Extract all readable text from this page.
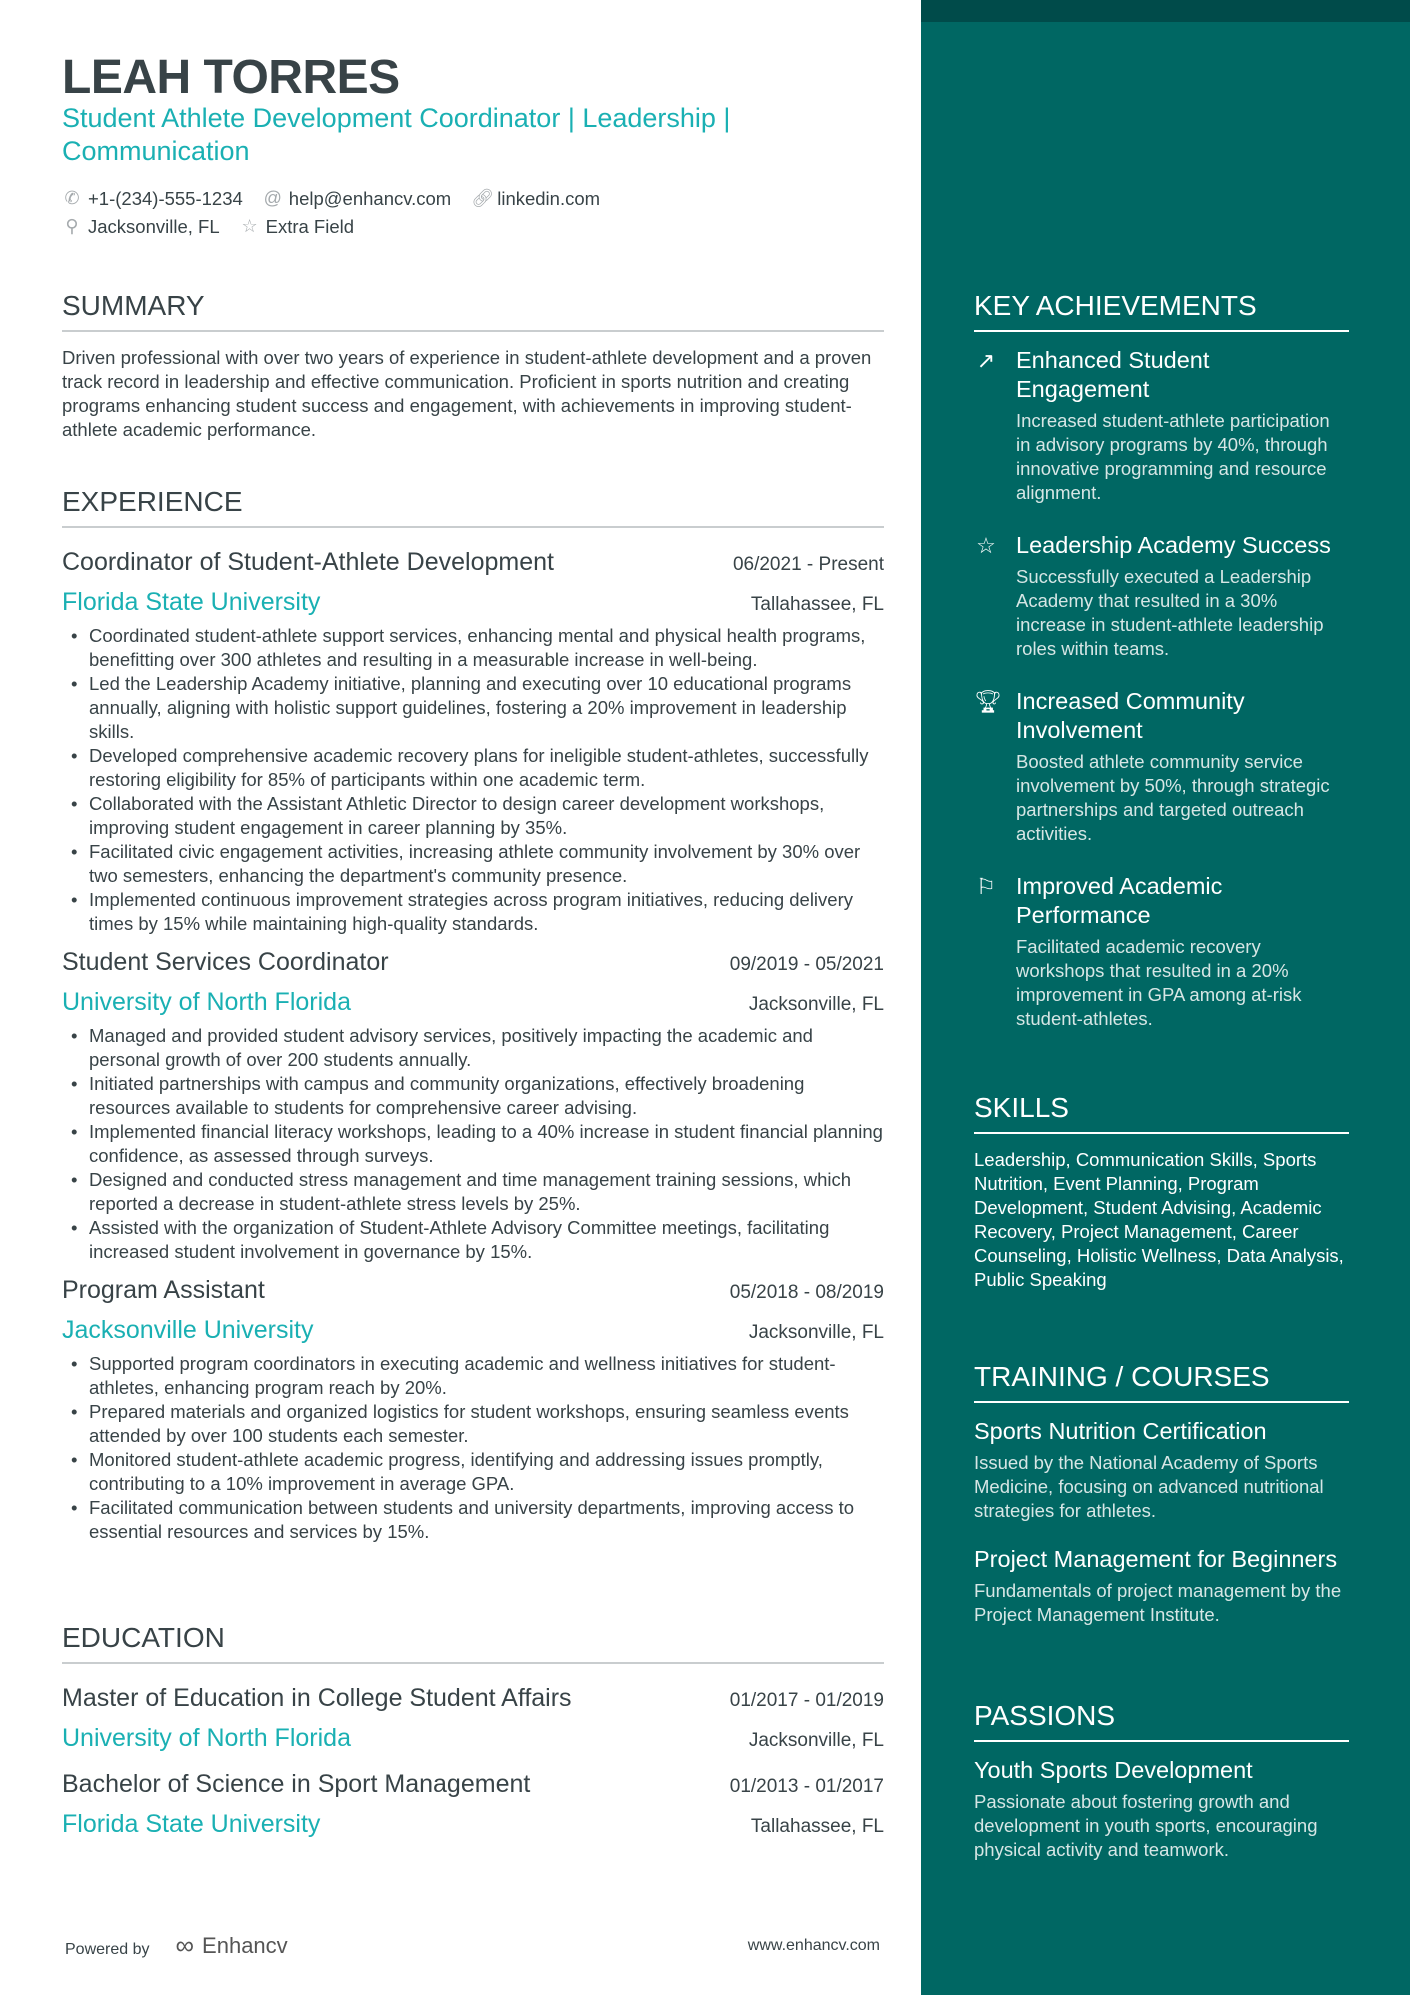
LEAH TORRES
Student Athlete Development Coordinator | Leadership | Communication
✆ +1-(234)-555-1234 @ help@enhancv.com 🔗︎ linkedin.com
⚲ Jacksonville, FL ☆ Extra Field
SUMMARY
Driven professional with over two years of experience in student-athlete development and a proven track record in leadership and effective communication. Proficient in sports nutrition and creating programs enhancing student success and engagement, with achievements in improving student-athlete academic performance.
EXPERIENCE
Coordinator of Student-Athlete Development	06/2021 - Present
Florida State University	Tallahassee, FL
• Coordinated student-athlete support services, enhancing mental and physical health programs, benefitting over 300 athletes and resulting in a measurable increase in well-being.
• Led the Leadership Academy initiative, planning and executing over 10 educational programs annually, aligning with holistic support guidelines, fostering a 20% improvement in leadership skills.
• Developed comprehensive academic recovery plans for ineligible student-athletes, successfully restoring eligibility for 85% of participants within one academic term.
• Collaborated with the Assistant Athletic Director to design career development workshops, improving student engagement in career planning by 35%.
• Facilitated civic engagement activities, increasing athlete community involvement by 30% over two semesters, enhancing the department's community presence.
• Implemented continuous improvement strategies across program initiatives, reducing delivery times by 15% while maintaining high-quality standards.
Student Services Coordinator	09/2019 - 05/2021
University of North Florida	Jacksonville, FL
• Managed and provided student advisory services, positively impacting the academic and personal growth of over 200 students annually.
• Initiated partnerships with campus and community organizations, effectively broadening resources available to students for comprehensive career advising.
• Implemented financial literacy workshops, leading to a 40% increase in student financial planning confidence, as assessed through surveys.
• Designed and conducted stress management and time management training sessions, which reported a decrease in student-athlete stress levels by 25%.
• Assisted with the organization of Student-Athlete Advisory Committee meetings, facilitating increased student involvement in governance by 15%.
Program Assistant	05/2018 - 08/2019
Jacksonville University	Jacksonville, FL
• Supported program coordinators in executing academic and wellness initiatives for student-athletes, enhancing program reach by 20%.
• Prepared materials and organized logistics for student workshops, ensuring seamless events attended by over 100 students each semester.
• Monitored student-athlete academic progress, identifying and addressing issues promptly, contributing to a 10% improvement in average GPA.
• Facilitated communication between students and university departments, improving access to essential resources and services by 15%.
EDUCATION
Master of Education in College Student Affairs	01/2017 - 01/2019
University of North Florida	Jacksonville, FL
Bachelor of Science in Sport Management	01/2013 - 01/2017
Florida State University	Tallahassee, FL
Powered by ∞ Enhancv	www.enhancv.com
KEY ACHIEVEMENTS
↗ Enhanced Student Engagement
Increased student-athlete participation in advisory programs by 40%, through innovative programming and resource alignment.
☆ Leadership Academy Success
Successfully executed a Leadership Academy that resulted in a 30% increase in student-athlete leadership roles within teams.
🏆︎ Increased Community Involvement
Boosted athlete community service involvement by 50%, through strategic partnerships and targeted outreach activities.
⚐ Improved Academic Performance
Facilitated academic recovery workshops that resulted in a 20% improvement in GPA among at-risk student-athletes.
SKILLS
Leadership, Communication Skills, Sports Nutrition, Event Planning, Program Development, Student Advising, Academic Recovery, Project Management, Career Counseling, Holistic Wellness, Data Analysis, Public Speaking
TRAINING / COURSES
Sports Nutrition Certification
Issued by the National Academy of Sports Medicine, focusing on advanced nutritional strategies for athletes.
Project Management for Beginners
Fundamentals of project management by the Project Management Institute.
PASSIONS
Youth Sports Development
Passionate about fostering growth and development in youth sports, encouraging physical activity and teamwork.
